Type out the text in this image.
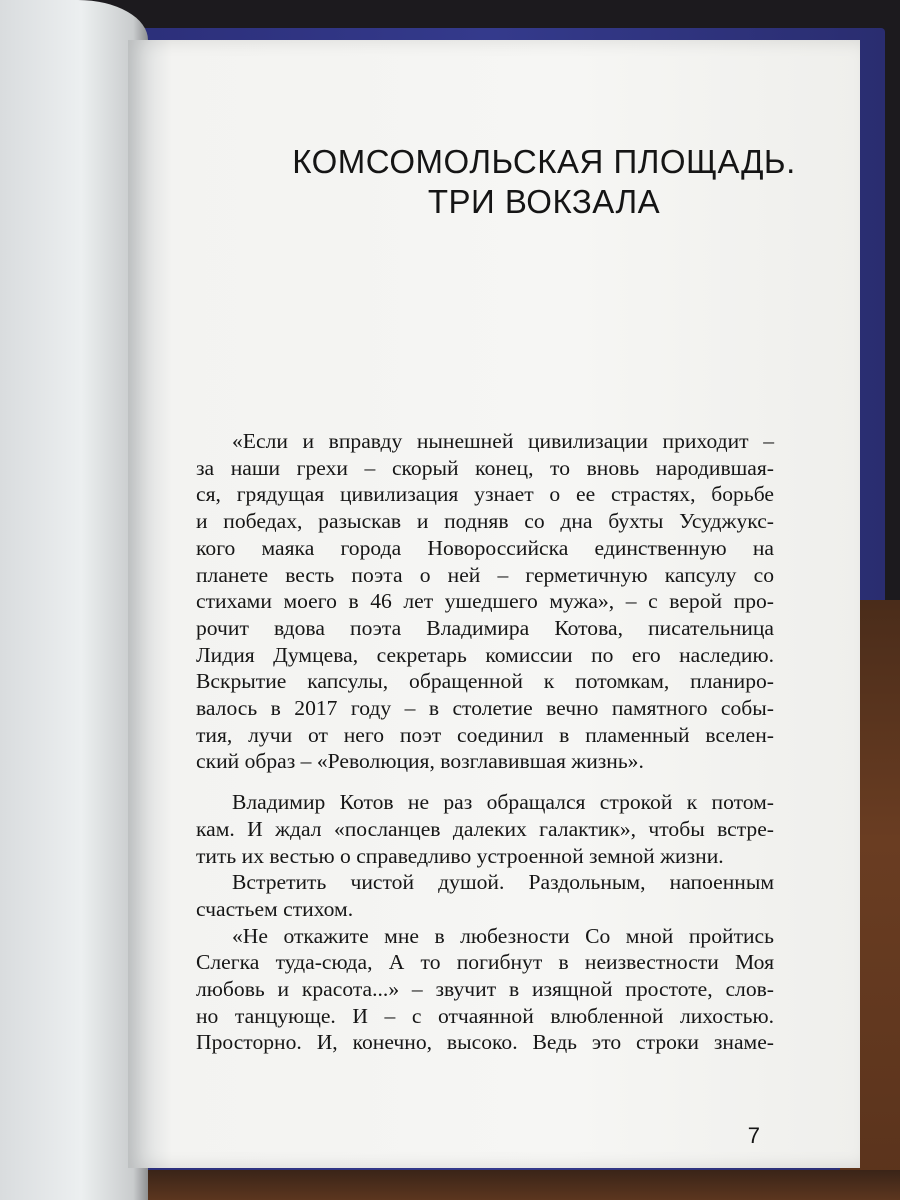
КОМСОМОЛЬСКАЯ ПЛОЩАДЬ.
ТРИ ВОКЗАЛА
«Если и вправду нынешней цивилизации приходит –
за наши грехи – скорый конец, то вновь народившая-
ся, грядущая цивилизация узнает о ее страстях, борьбе
и победах, разыскав и подняв со дна бухты Усуджукс-
кого маяка города Новороссийска единственную на
планете весть поэта о ней – герметичную капсулу со
стихами моего в 46 лет ушедшего мужа», – с верой про-
рочит вдова поэта Владимира Котова, писательница
Лидия Думцева, секретарь комиссии по его наследию.
Вскрытие капсулы, обращенной к потомкам, планиро-
валось в 2017 году – в столетие вечно памятного собы-
тия, лучи от него поэт соединил в пламенный вселен-
ский образ – «Революция, возглавившая жизнь».
Владимир Котов не раз обращался строкой к потом-
кам. И ждал «посланцев далеких галактик», чтобы встре-
тить их вестью о справедливо устроенной земной жизни.
Встретить чистой душой. Раздольным, напоенным
счастьем стихом.
«Не откажите мне в любезности Со мной пройтись
Слегка туда-сюда, А то погибнут в неизвестности Моя
любовь и красота...» – звучит в изящной простоте, слов-
но танцующе. И – с отчаянной влюбленной лихостью.
Просторно. И, конечно, высоко. Ведь это строки знаме-
7
